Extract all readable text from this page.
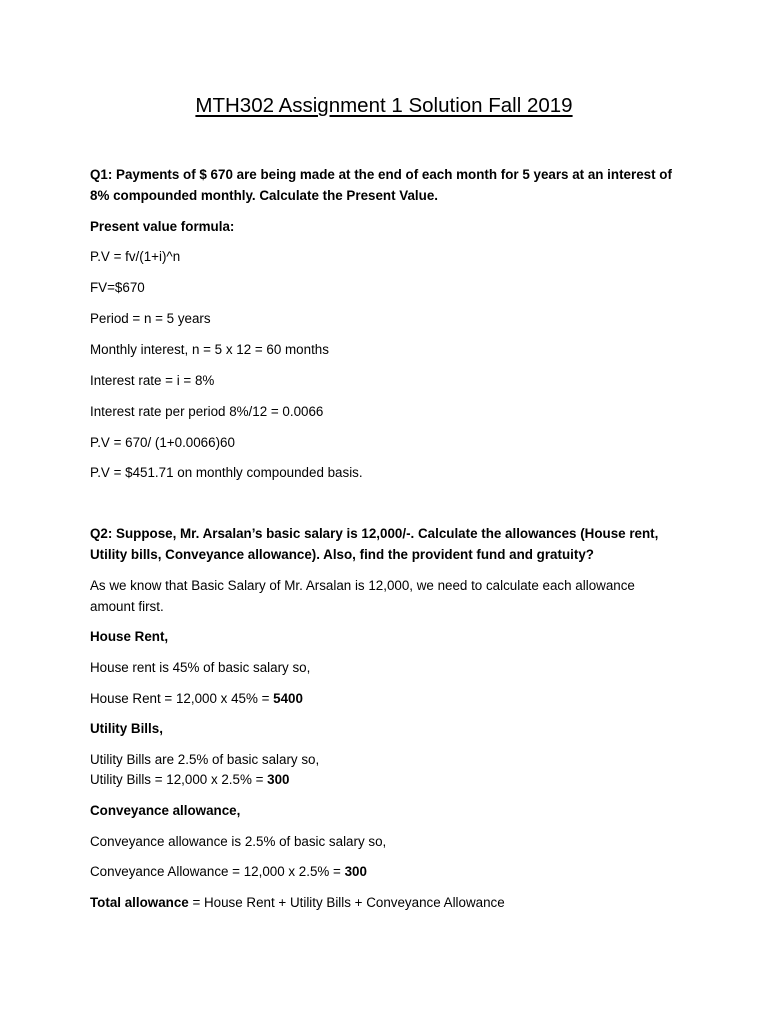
MTH302 Assignment 1 Solution Fall 2019
Q1: Payments of $ 670 are being made at the end of each month for 5 years at an interest of
8% compounded monthly. Calculate the Present Value.
Present value formula:
P.V = fv/(1+i)^n
FV=$670
Period = n = 5 years
Monthly interest, n = 5 x 12 = 60 months
Interest rate = i = 8%
Interest rate per period 8%/12 = 0.0066
P.V = 670/ (1+0.0066)60
P.V = $451.71 on monthly compounded basis.
Q2: Suppose, Mr. Arsalan’s basic salary is 12,000/-. Calculate the allowances (House rent,
Utility bills, Conveyance allowance). Also, find the provident fund and gratuity?
As we know that Basic Salary of Mr. Arsalan is 12,000, we need to calculate each allowance
amount first.
House Rent,
House rent is 45% of basic salary so,
House Rent = 12,000 x 45% = 5400
Utility Bills,
Utility Bills are 2.5% of basic salary so,
Utility Bills = 12,000 x 2.5% = 300
Conveyance allowance,
Conveyance allowance is 2.5% of basic salary so,
Conveyance Allowance = 12,000 x 2.5% = 300
Total allowance = House Rent + Utility Bills + Conveyance Allowance
